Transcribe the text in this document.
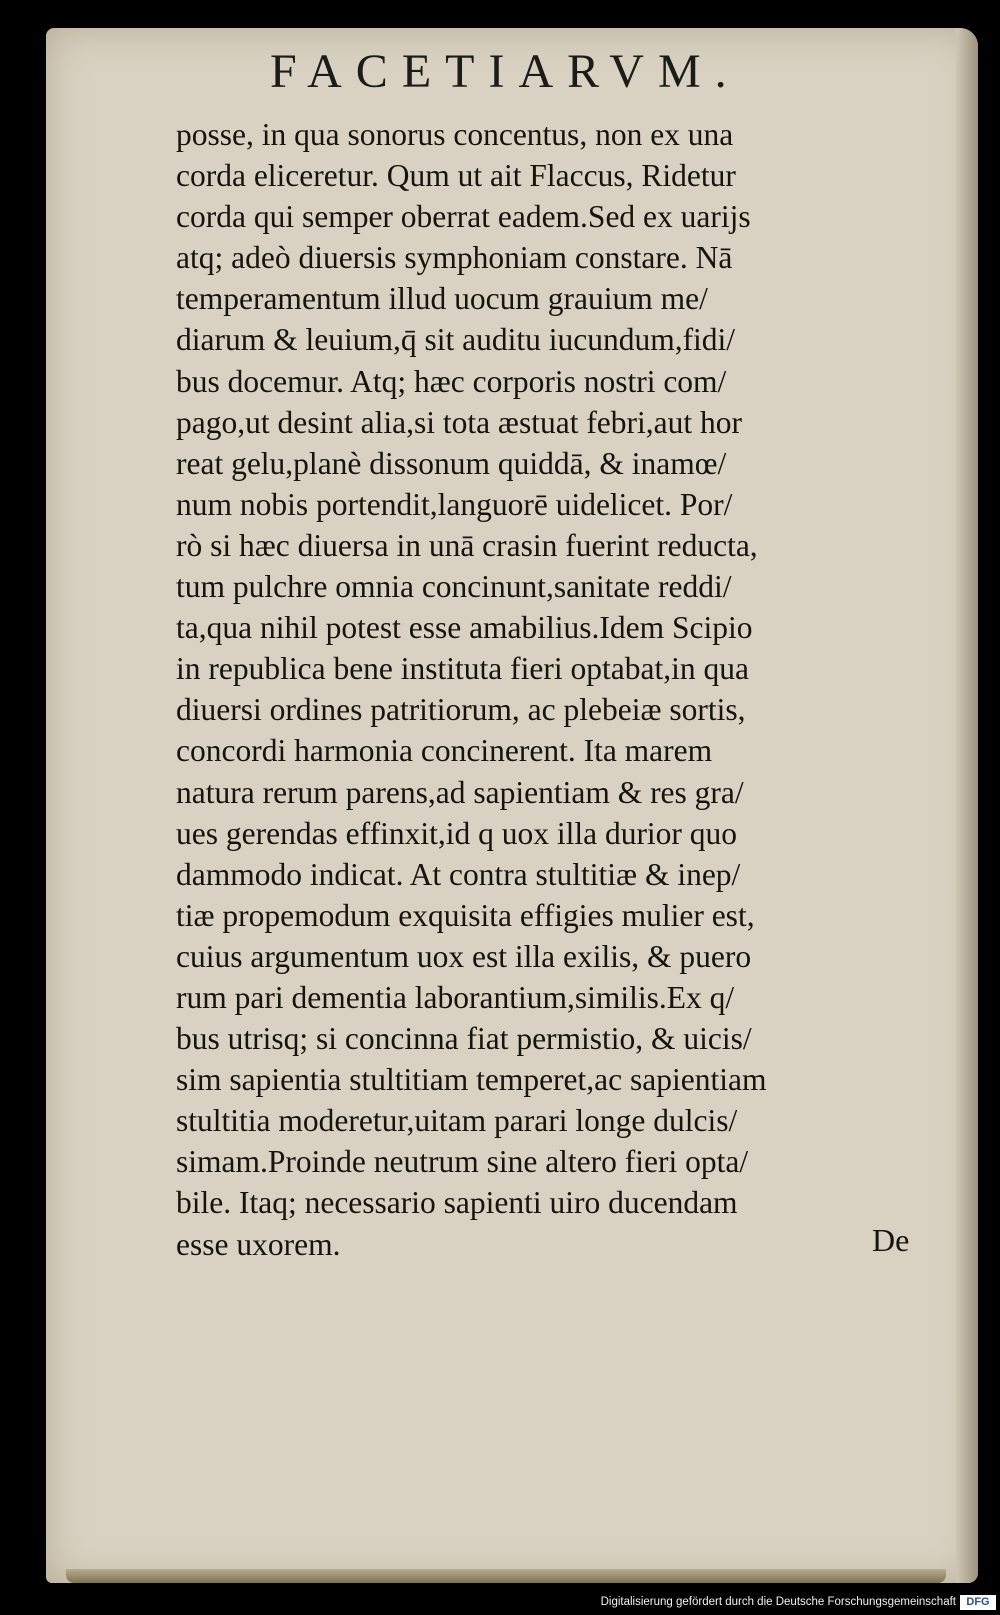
FACETIARVM.
posse, in qua sonorus concentus, non ex una
corda eliceretur. Qum ut ait Flaccus, Ridetur
corda qui semper oberrat eadem.Sed ex uarijs
atq; adeò diuersis symphoniam constare. Nā
temperamentum illud uocum grauium me/
diarum & leuium,q̄ sit auditu iucundum,fidi/
bus docemur. Atq; hæc corporis nostri com/
pago,ut desint alia,si tota æstuat febri,aut hor
reat gelu,planè dissonum quiddā, & inamœ/
num nobis portendit,languorē uidelicet. Por/
rò si hæc diuersa in unā crasin fuerint reducta,
tum pulchre omnia concinunt,sanitate reddi/
ta,qua nihil potest esse amabilius.Idem Scipio
in republica bene instituta fieri optabat,in qua
diuersi ordines patritiorum, ac plebeiæ sortis,
concordi harmonia concinerent. Ita marem
natura rerum parens,ad sapientiam & res gra/
ues gerendas effinxit,id q uox illa durior quo
dammodo indicat. At contra stultitiæ & inep/
tiæ propemodum exquisita effigies mulier est,
cuius argumentum uox est illa exilis, & puero
rum pari dementia laborantium,similis.Ex q/
bus utrisq; si concinna fiat permistio, & uicis/
sim sapientia stultitiam temperet,ac sapientiam
stultitia moderetur,uitam parari longe dulcis/
simam.Proinde neutrum sine altero fieri opta/
bile. Itaq; necessario sapienti uiro ducendam
esse uxorem.	De
Digitalisierung gefördert durch die Deutsche Forschungsgemeinschaft DFG
